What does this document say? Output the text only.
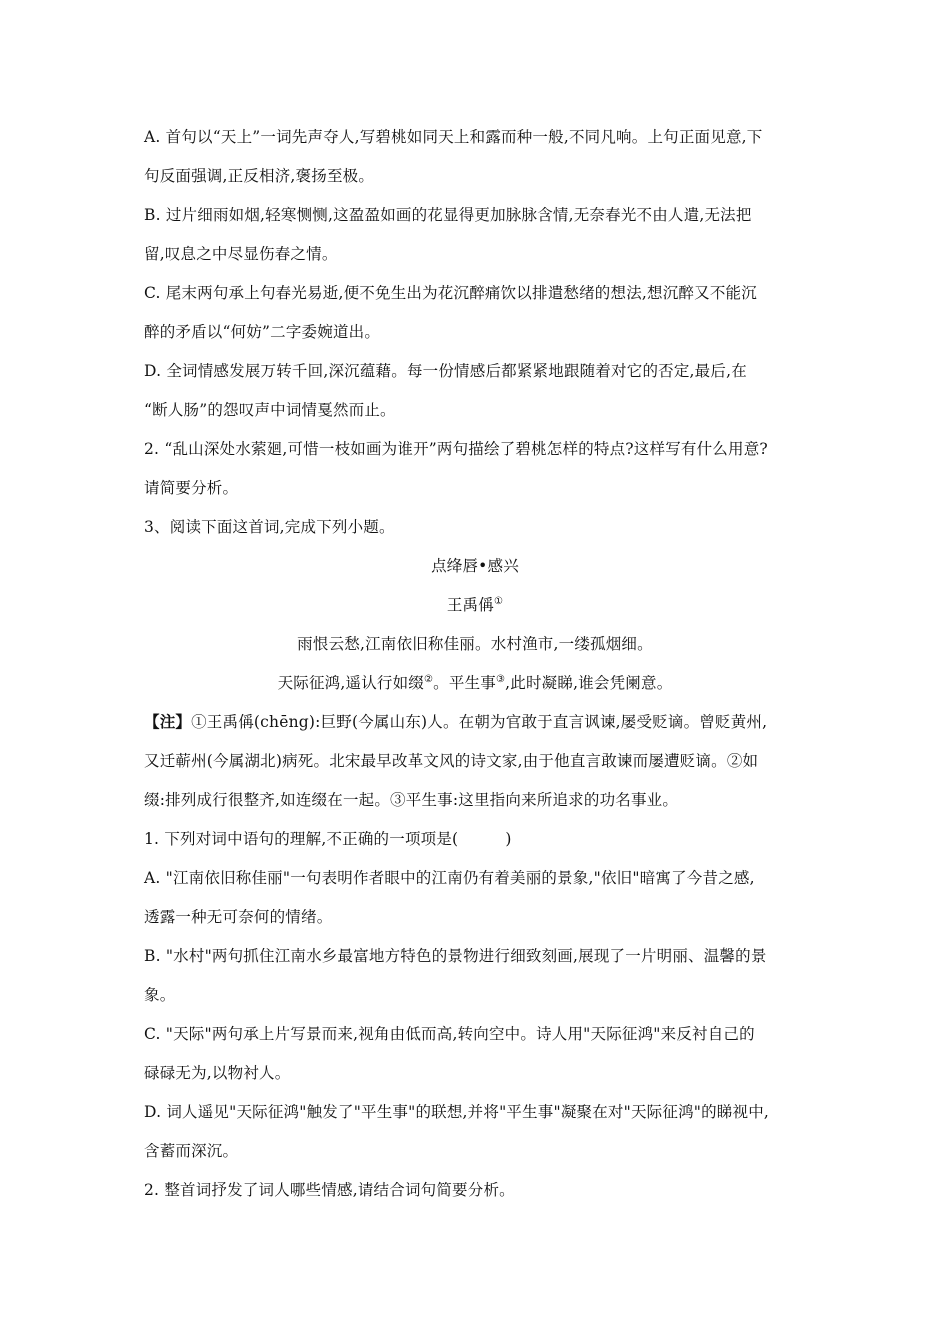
A. 首句以“天上”一词先声夺人,写碧桃如同天上和露而种一般,不同凡响。上句正面见意,下
句反面强调,正反相济,褒扬至极。
B. 过片细雨如烟,轻寒恻恻,这盈盈如画的花显得更加脉脉含情,无奈春光不由人遣,无法把
留,叹息之中尽显伤春之情。
C. 尾末两句承上句春光易逝,便不免生出为花沉醉痛饮以排遣愁绪的想法,想沉醉又不能沉
醉的矛盾以“何妨”二字委婉道出。
D. 全词情感发展万转千回,深沉蕴藉。每一份情感后都紧紧地跟随着对它的否定,最后,在
“断人肠”的怨叹声中词情戛然而止。
2. “乱山深处水萦廻,可惜一枝如画为谁开”两句描绘了碧桃怎样的特点?这样写有什么用意?
请简要分析。
3、阅读下面这首词,完成下列小题。
点绛唇•感兴
王禹偁①
雨恨云愁,江南依旧称佳丽。水村渔市,一缕孤烟细。
天际征鸿,遥认行如缀②。平生事③,此时凝睇,谁会凭阑意。
【注】①王禹偁(chēng):巨野(今属山东)人。在朝为官敢于直言讽谏,屡受贬谪。曾贬黄州,
又迁蕲州(今属湖北)病死。北宋最早改革文风的诗文家,由于他直言敢谏而屡遭贬谪。②如
缀:排列成行很整齐,如连缀在一起。③平生事:这里指向来所追求的功名事业。
1. 下列对词中语句的理解,不正确的一项项是(　　　)
A. "江南依旧称佳丽"一句表明作者眼中的江南仍有着美丽的景象,"依旧"暗寓了今昔之感,
透露一种无可奈何的情绪。
B. "水村"两句抓住江南水乡最富地方特色的景物进行细致刻画,展现了一片明丽、温馨的景
象。
C. "天际"两句承上片写景而来,视角由低而高,转向空中。诗人用"天际征鸿"来反衬自己的
碌碌无为,以物衬人。
D. 词人遥见"天际征鸿"触发了"平生事"的联想,并将"平生事"凝聚在对"天际征鸿"的睇视中,
含蓄而深沉。
2. 整首词抒发了词人哪些情感,请结合词句简要分析。
